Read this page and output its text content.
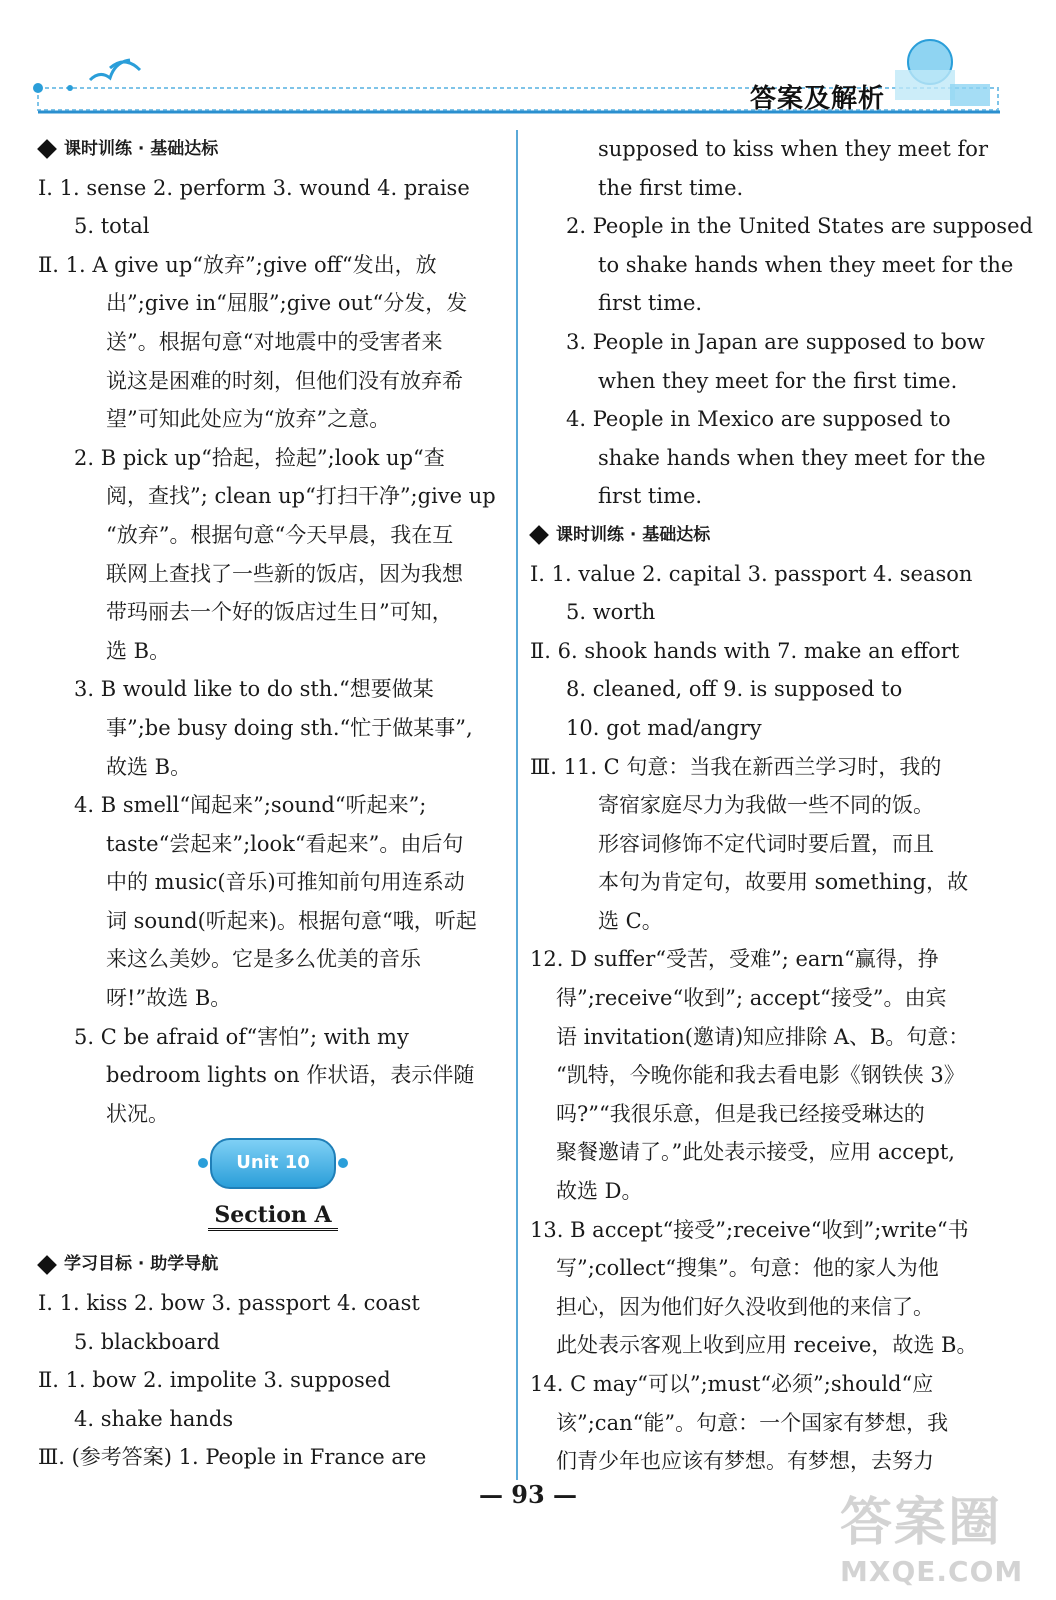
答案及解析
课时训练 · 基础达标
Ⅰ. 1. sense 2. perform 3. wound 4. praise
5. total
Ⅱ. 1. A give up“放弃”;give off“发出，放
出”;give in“屈服”;give out“分发，发
送”。根据句意“对地震中的受害者来
说这是困难的时刻，但他们没有放弃希
望”可知此处应为“放弃”之意。
2. B pick up“拾起，捡起”;look up“查
阅，查找”; clean up“打扫干净”;give up
“放弃”。根据句意“今天早晨，我在互
联网上查找了一些新的饭店，因为我想
带玛丽去一个好的饭店过生日”可知，
选 B。
3. B would like to do sth.“想要做某
事”;be busy doing sth.“忙于做某事”,
故选 B。
4. B smell“闻起来”;sound“听起来”;
taste“尝起来”;look“看起来”。由后句
中的 music(音乐)可推知前句用连系动
词 sound(听起来)。根据句意“哦，听起
来这么美妙。它是多么优美的音乐
呀!”故选 B。
5. C be afraid of“害怕”; with my
bedroom lights on 作状语，表示伴随
状况。
Unit 10
Section A
学习目标 · 助学导航
Ⅰ. 1. kiss 2. bow 3. passport 4. coast
5. blackboard
Ⅱ. 1. bow 2. impolite 3. supposed
4. shake hands
Ⅲ. (参考答案) 1. People in France are
supposed to kiss when they meet for
the first time.
2. People in the United States are supposed
to shake hands when they meet for the
first time.
3. People in Japan are supposed to bow
when they meet for the first time.
4. People in Mexico are supposed to
shake hands when they meet for the
first time.
课时训练 · 基础达标
Ⅰ. 1. value 2. capital 3. passport 4. season
5. worth
Ⅱ. 6. shook hands with 7. make an effort
8. cleaned, off 9. is supposed to
10. got mad/angry
Ⅲ. 11. C 句意：当我在新西兰学习时，我的
寄宿家庭尽力为我做一些不同的饭。
形容词修饰不定代词时要后置，而且
本句为肯定句，故要用 something，故
选 C。
12. D suffer“受苦，受难”; earn“赢得，挣
得”;receive“收到”; accept“接受”。由宾
语 invitation(邀请)知应排除 A、B。句意：
“凯特，今晚你能和我去看电影《钢铁侠 3》
吗?”“我很乐意，但是我已经接受琳达的
聚餐邀请了。”此处表示接受，应用 accept,
故选 D。
13. B accept“接受”;receive“收到”;write“书
写”;collect“搜集”。句意：他的家人为他
担心，因为他们好久没收到他的来信了。
此处表示客观上收到应用 receive，故选 B。
14. C may“可以”;must“必须”;should“应
该”;can“能”。句意：一个国家有梦想，我
们青少年也应该有梦想。有梦想，去努力
— 93 —	答案圈
MXQE.COM
